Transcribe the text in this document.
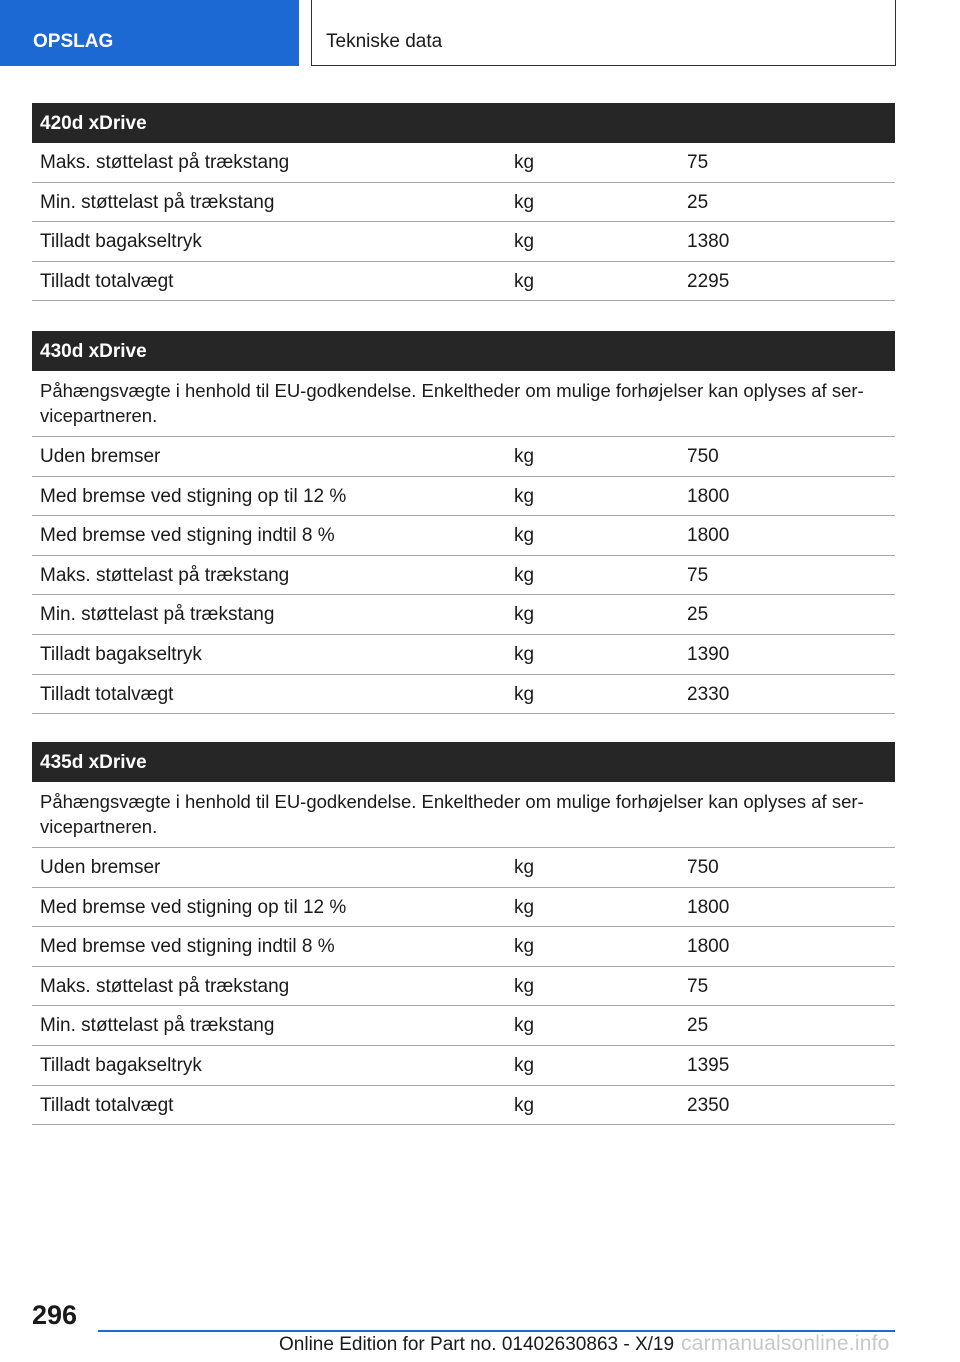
OPSLAG	Tekniske data
420d xDrive
Maks. støttelast på trækstang	kg	75
Min. støttelast på trækstang	kg	25
Tilladt bagakseltryk	kg	1380
Tilladt totalvægt	kg	2295
430d xDrive
Påhængsvægte i henhold til EU-godkendelse. Enkeltheder om mulige forhøjelser kan oplyses af ser-vicepartneren.
Uden bremser	kg	750
Med bremse ved stigning op til 12 %	kg	1800
Med bremse ved stigning indtil 8 %	kg	1800
Maks. støttelast på trækstang	kg	75
Min. støttelast på trækstang	kg	25
Tilladt bagakseltryk	kg	1390
Tilladt totalvægt	kg	2330
435d xDrive
Påhængsvægte i henhold til EU-godkendelse. Enkeltheder om mulige forhøjelser kan oplyses af ser-vicepartneren.
Uden bremser	kg	750
Med bremse ved stigning op til 12 %	kg	1800
Med bremse ved stigning indtil 8 %	kg	1800
Maks. støttelast på trækstang	kg	75
Min. støttelast på trækstang	kg	25
Tilladt bagakseltryk	kg	1395
Tilladt totalvægt	kg	2350
296
Online Edition for Part no. 01402630863 - X/19 carmanualsonline.info
